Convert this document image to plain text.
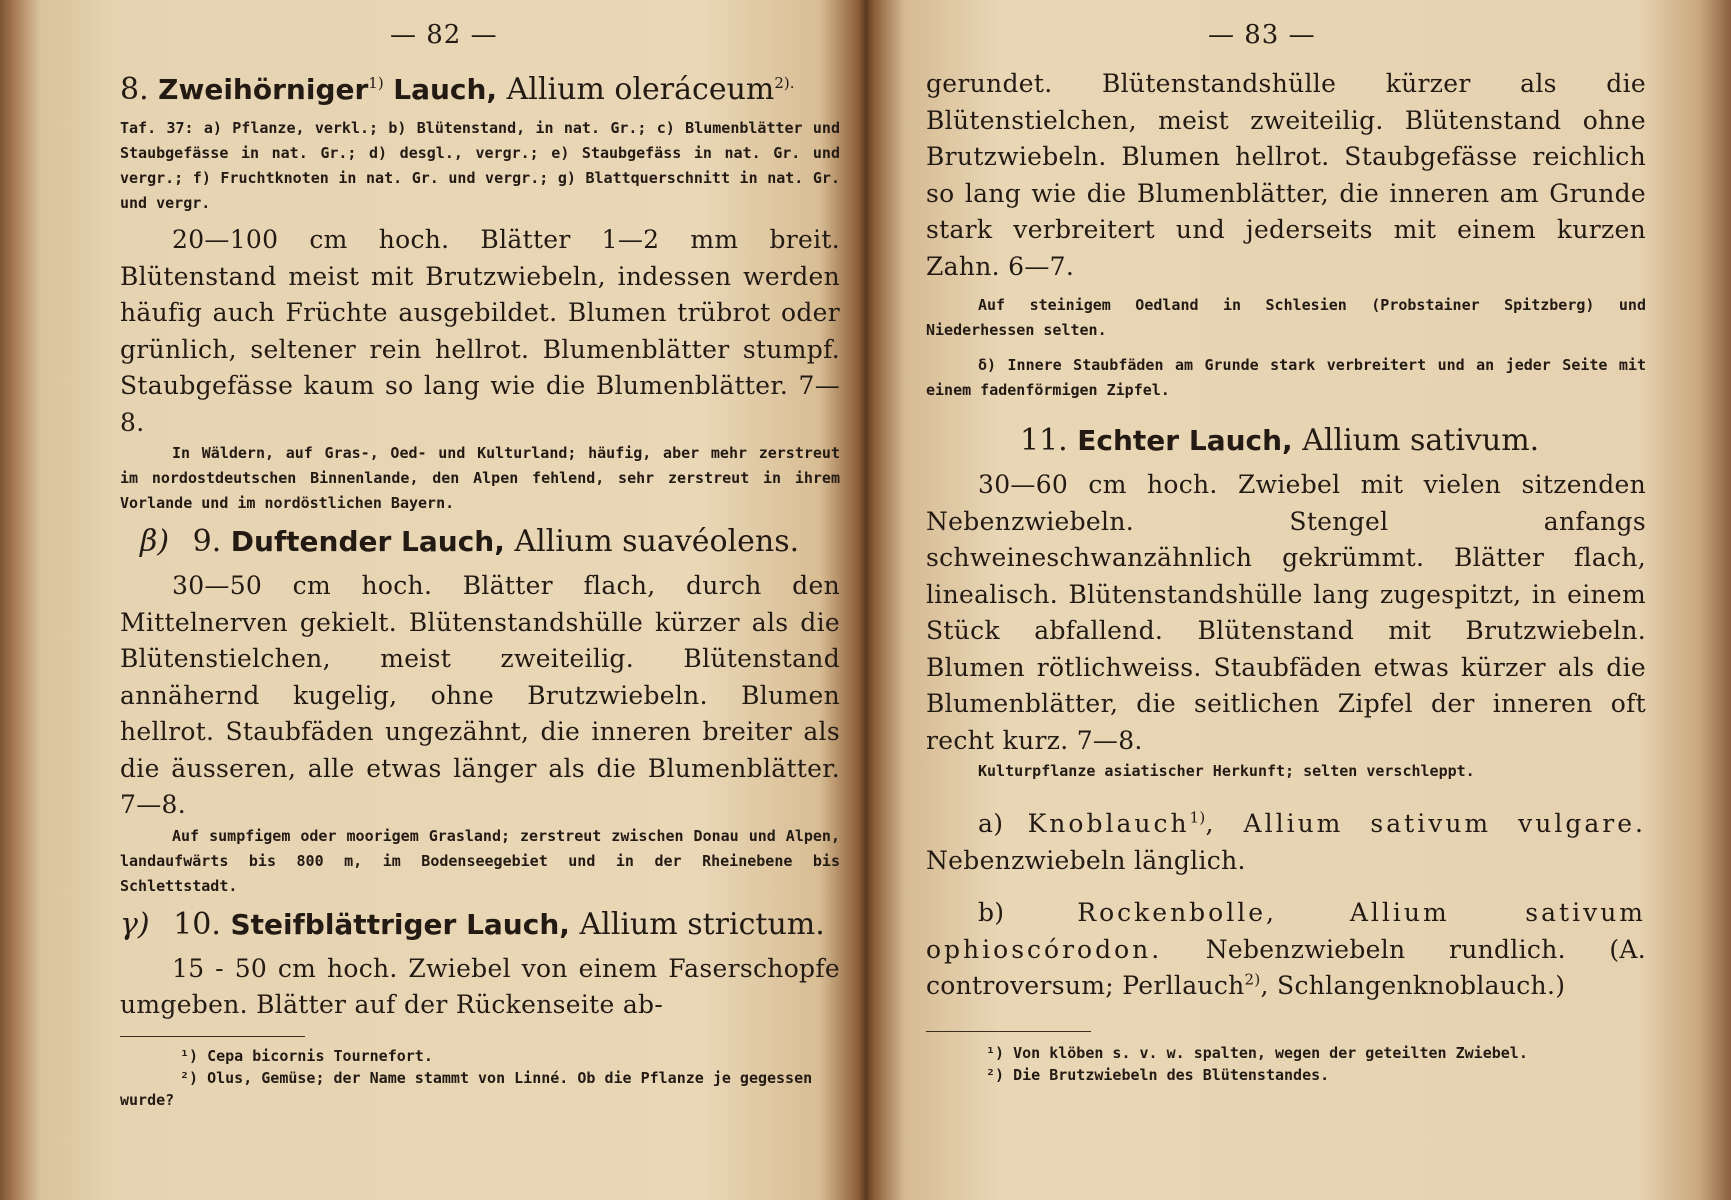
— 82 —
8. Zweihörniger$^{1)}$ Lauch, Allium oleráceum$^{2).}$

Taf. 37: a) Pflanze, verkl.; b) Blütenstand, in nat. Gr.; c) Blumenblätter und Staubgefässe in nat. Gr.; d) desgl., vergr.; e) Staubgefäss in nat. Gr. und vergr.; f) Fruchtknoten in nat. Gr. und vergr.; g) Blattquerschnitt in nat. Gr. und vergr.

20—100 cm hoch. Blätter 1—2 mm breit. Blütenstand meist mit Brutzwiebeln, indessen werden häufig auch Früchte ausgebildet. Blumen trübrot oder grünlich, seltener rein hellrot. Blumenblätter stumpf. Staubgefässe kaum so lang wie die Blumenblätter. 7—8.

In Wäldern, auf Gras-, Oed- und Kulturland; häufig, aber mehr zerstreut im nordostdeutschen Binnenlande, den Alpen fehlend, sehr zerstreut in ihrem Vorlande und im nordöstlichen Bayern.

β) 9. Duftender Lauch, Allium suavéolens.

30—50 cm hoch. Blätter flach, durch den Mittelnerven gekielt. Blütenstandshülle kürzer als die Blütenstielchen, meist zweiteilig. Blütenstand annähernd kugelig, ohne Brutzwiebeln. Blumen hellrot. Staubfäden ungezähnt, die inneren breiter als die äusseren, alle etwas länger als die Blumenblätter. 7—8.

Auf sumpfigem oder moorigem Grasland; zerstreut zwischen Donau und Alpen, landaufwärts bis 800 m, im Bodenseegebiet und in der Rheinebene bis Schlettstadt.

γ) 10. Steifblättriger Lauch, Allium strictum.

15 - 50 cm hoch. Zwiebel von einem Faserschopfe umgeben. Blätter auf der Rückenseite ab-

¹) Cepa bicornis Tournefort.

²) Olus, Gemüse; der Name stammt von Linné. Ob die Pflanze je gegessen wurde?

— 83 —

gerundet. Blütenstandshülle kürzer als die Blütenstielchen, meist zweiteilig. Blütenstand ohne Brutzwiebeln. Blumen hellrot. Staubgefässe reichlich so lang wie die Blumenblätter, die inneren am Grunde stark verbreitert und jederseits mit einem kurzen Zahn. 6—7.

Auf steinigem Oedland in Schlesien (Probstainer Spitzberg) und Niederhessen selten.

δ) Innere Staubfäden am Grunde stark verbreitert und an jeder Seite mit einem fadenförmigen Zipfel.

11. Echter Lauch, Allium sativum.

30—60 cm hoch. Zwiebel mit vielen sitzenden Nebenzwiebeln. Stengel anfangs schweineschwanzähnlich gekrümmt. Blätter flach, linealisch. Blütenstandshülle lang zugespitzt, in einem Stück abfallend. Blütenstand mit Brutzwiebeln. Blumen rötlichweiss. Staubfäden etwas kürzer als die Blumenblätter, die seitlichen Zipfel der inneren oft recht kurz. 7—8.

Kulturpflanze asiatischer Herkunft; selten verschleppt.

a) Knoblauch$^{1)}$, Allium sativum vulgare. Nebenzwiebeln länglich.

b)	Rockenbolle,	Allium sativum ophioscórodon. Nebenzwiebeln rundlich. (A. controversum; Perllauch$^{2)}$, Schlangenknoblauch.)

¹) Von klöben s. v. w. spalten, wegen der geteilten Zwiebel.

²) Die Brutzwiebeln des Blütenstandes.
